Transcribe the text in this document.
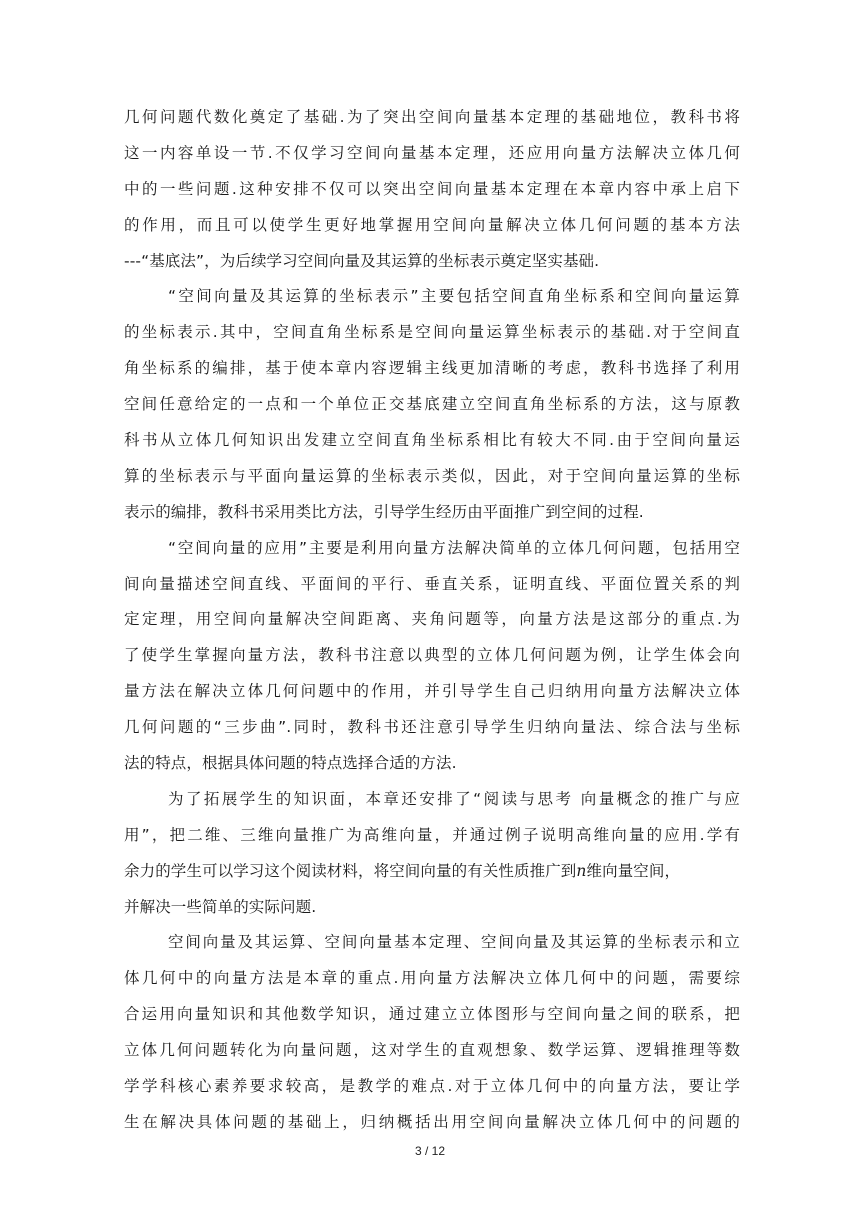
几何问题代数化奠定了基础.为了突出空间向量基本定理的基础地位，教科书将
这一内容单设一节.不仅学习空间向量基本定理，还应用向量方法解决立体几何
中的一些问题.这种安排不仅可以突出空间向量基本定理在本章内容中承上启下
的作用，而且可以使学生更好地掌握用空间向量解决立体几何问题的基本方法
---“基底法”，为后续学习空间向量及其运算的坐标表示奠定坚实基础.
“空间向量及其运算的坐标表示”主要包括空间直角坐标系和空间向量运算
的坐标表示.其中，空间直角坐标系是空间向量运算坐标表示的基础.对于空间直
角坐标系的编排，基于使本章内容逻辑主线更加清晰的考虑，教科书选择了利用
空间任意给定的一点和一个单位正交基底建立空间直角坐标系的方法，这与原教
科书从立体几何知识出发建立空间直角坐标系相比有较大不同.由于空间向量运
算的坐标表示与平面向量运算的坐标表示类似，因此，对于空间向量运算的坐标
表示的编排，教科书采用类比方法，引导学生经历由平面推广到空间的过程.
“空间向量的应用”主要是利用向量方法解决简单的立体几何问题，包括用空
间向量描述空间直线、平面间的平行、垂直关系，证明直线、平面位置关系的判
定定理，用空间向量解决空间距离、夹角问题等，向量方法是这部分的重点.为
了使学生掌握向量方法，教科书注意以典型的立体几何问题为例，让学生体会向
量方法在解决立体几何问题中的作用，并引导学生自己归纳用向量方法解决立体
几何问题的“三步曲”.同时，教科书还注意引导学生归纳向量法、综合法与坐标
法的特点，根据具体问题的特点选择合适的方法.
为了拓展学生的知识面，本章还安排了“阅读与思考 向量概念的推广与应
用”，把二维、三维向量推广为高维向量，并通过例子说明高维向量的应用.学有
余力的学生可以学习这个阅读材料，将空间向量的有关性质推广到n维向量空间，
并解决一些简单的实际问题.
空间向量及其运算、空间向量基本定理、空间向量及其运算的坐标表示和立
体几何中的向量方法是本章的重点.用向量方法解决立体几何中的问题，需要综
合运用向量知识和其他数学知识，通过建立立体图形与空间向量之间的联系，把
立体几何问题转化为向量问题，这对学生的直观想象、数学运算、逻辑推理等数
学学科核心素养要求较高，是教学的难点.对于立体几何中的向量方法，要让学
生在解决具体问题的基础上，归纳概括出用空间向量解决立体几何中的问题的
3 / 12
